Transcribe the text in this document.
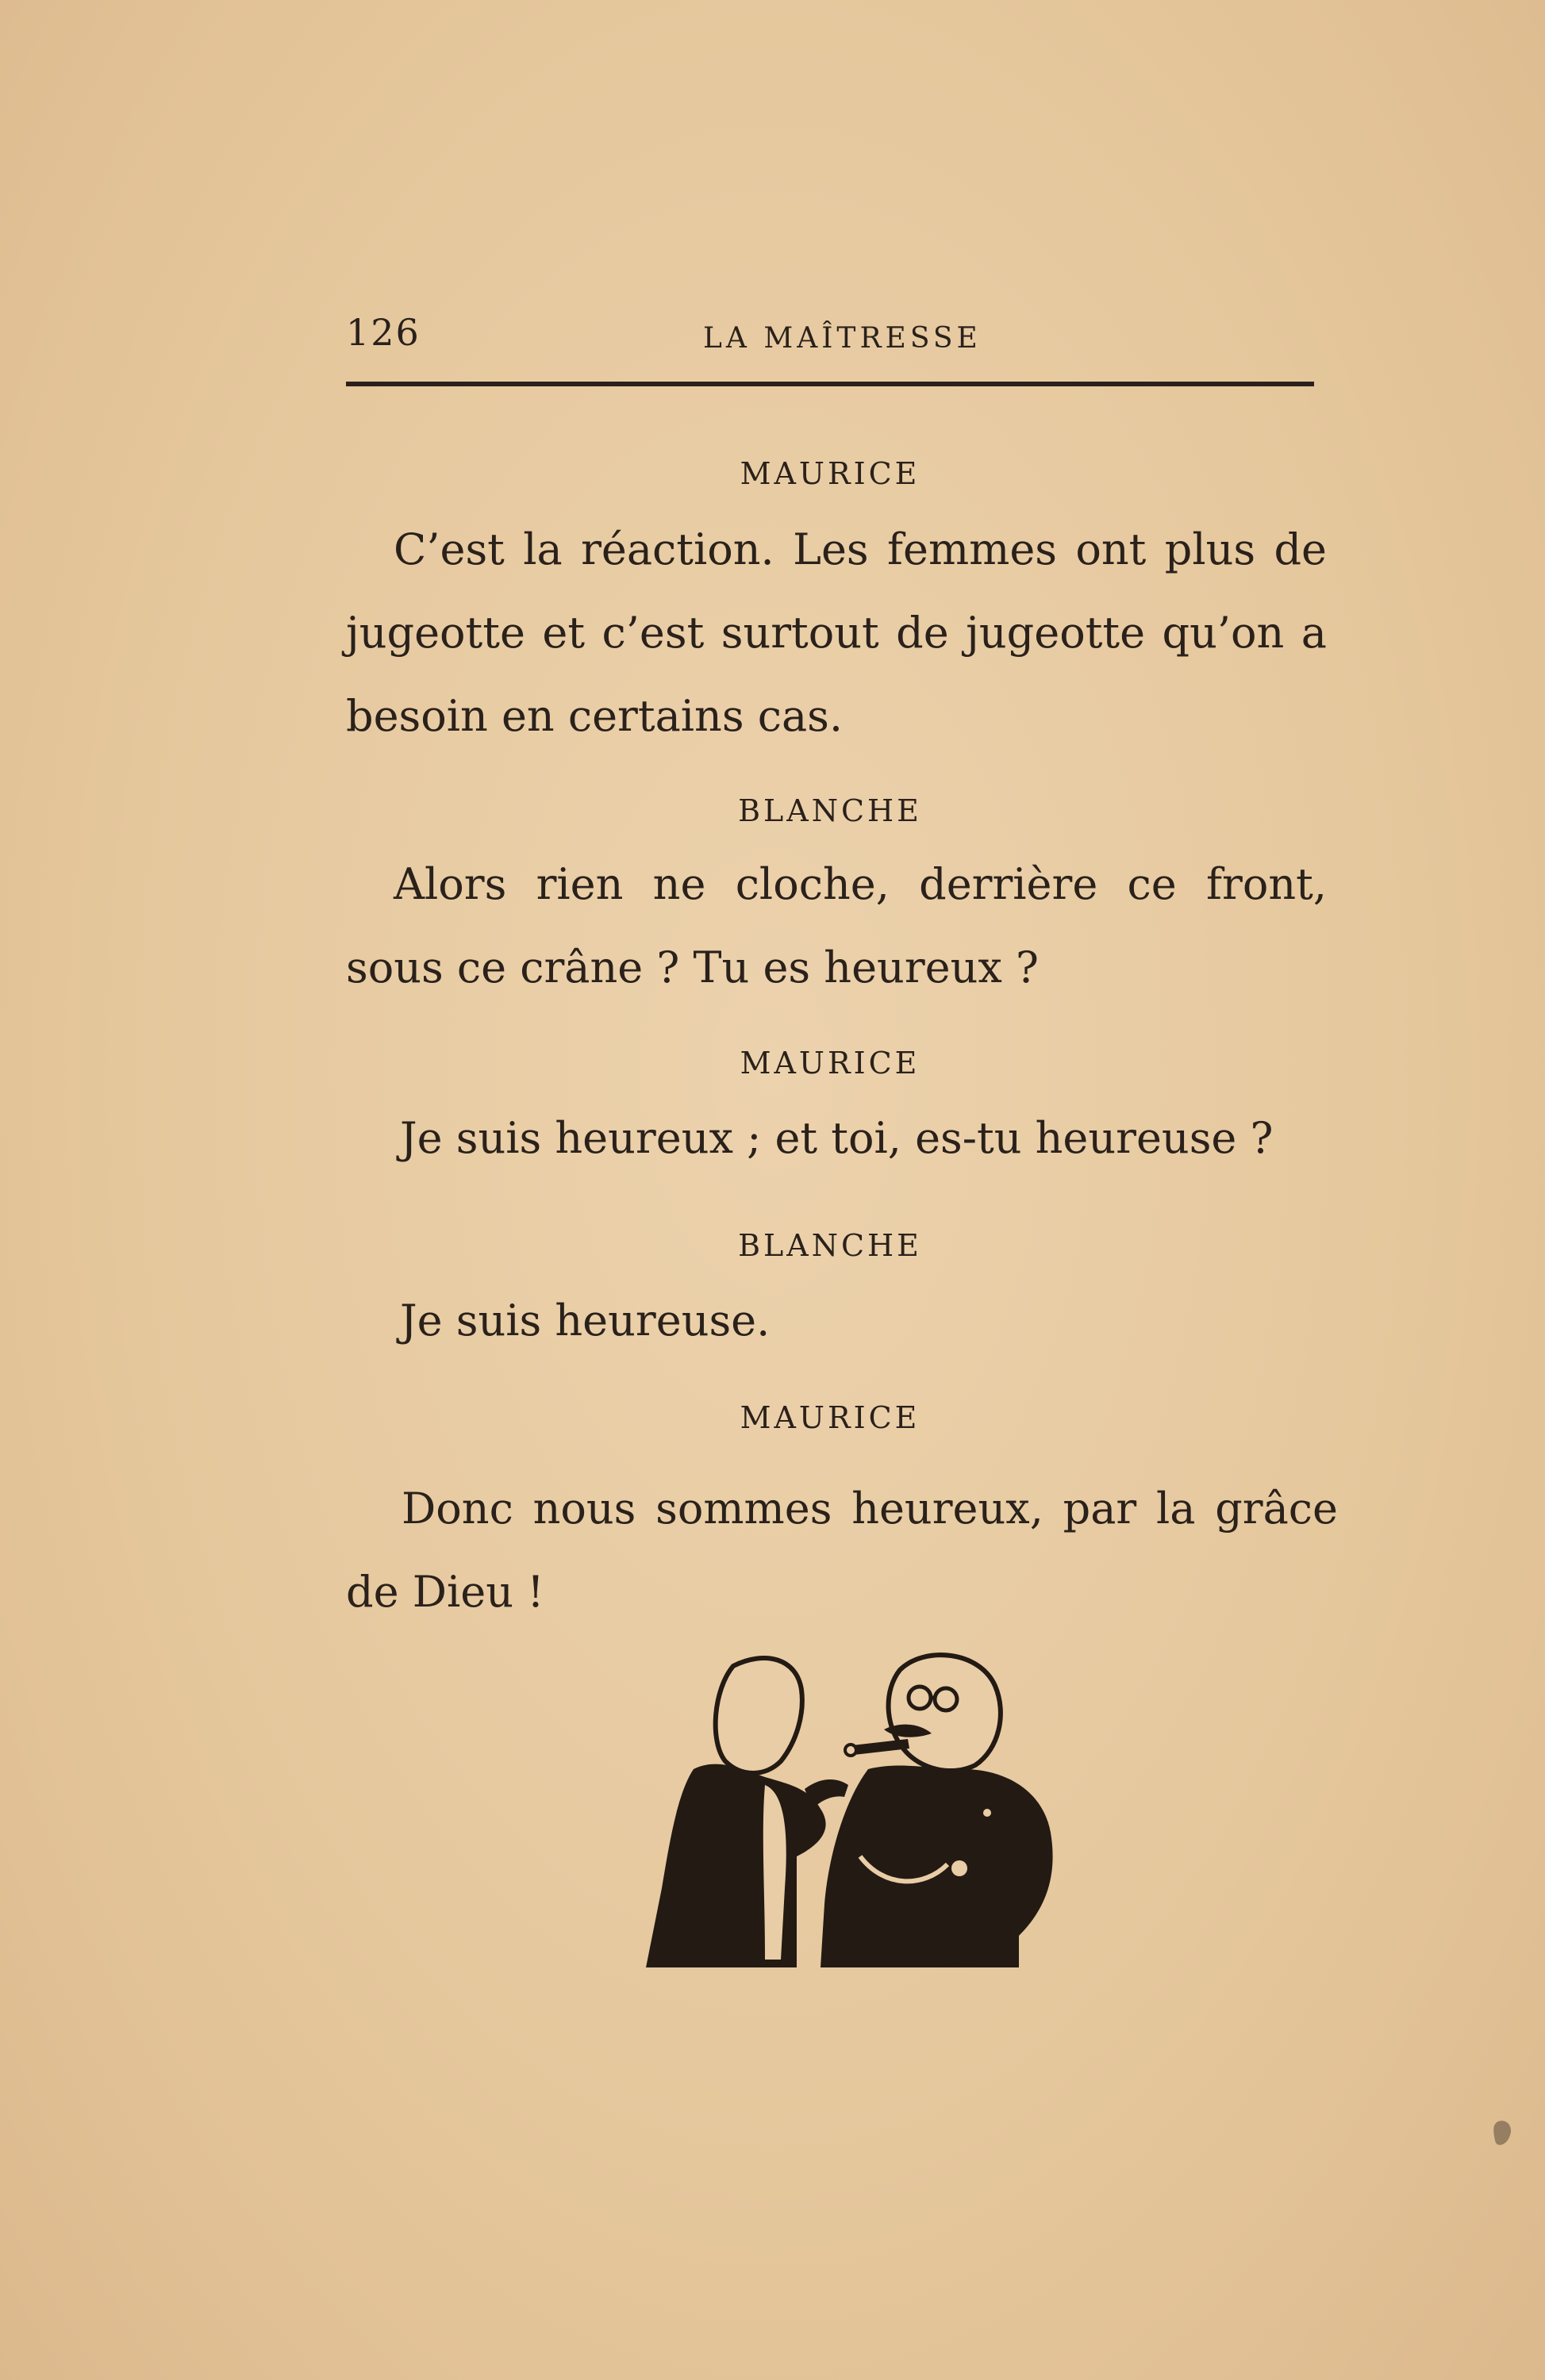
126	LA MAÎTRESSE
MAURICE
C’est la réaction. Les femmes ont plus de
jugeotte et c’est surtout de jugeotte qu’on a
besoin en certains cas.
BLANCHE
Alors rien ne cloche, derrière ce front,
sous ce crâne ? Tu es heureux ?
MAURICE
Je suis heureux ; et toi, es-tu heureuse ?
BLANCHE
Je suis heureuse.
MAURICE
Donc nous sommes heureux, par la grâce
de Dieu !
